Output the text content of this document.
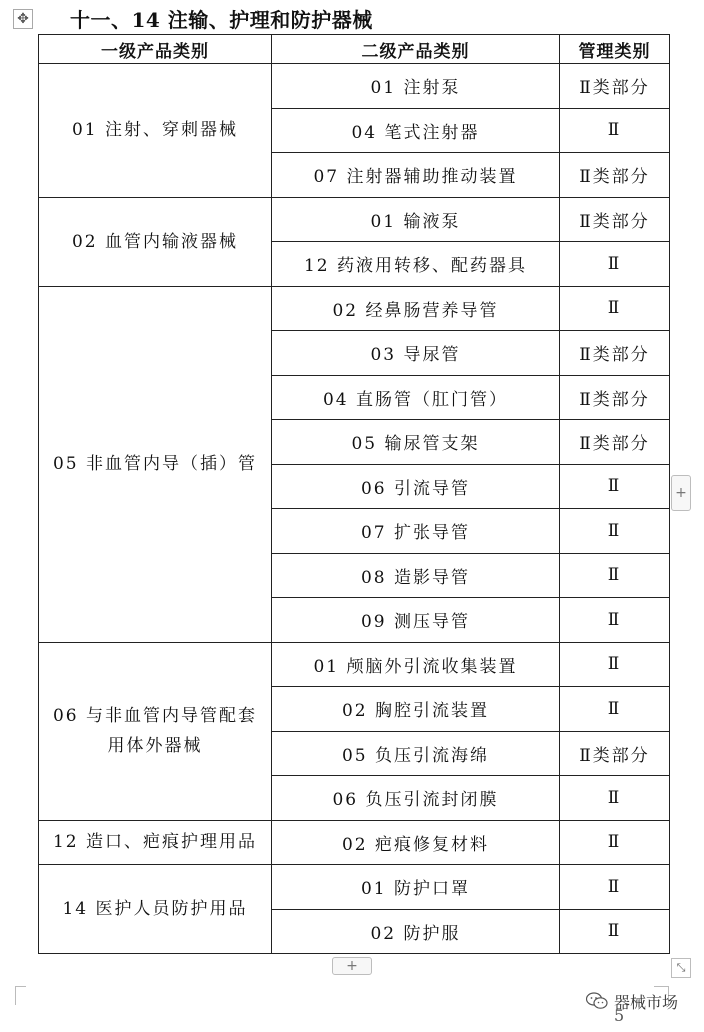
✥ 十一、14 注输、护理和防护器械
一级产品类别	二级产品类别	管理类别
01 注射、穿刺器械	01 注射泵	Ⅱ类部分
	04 笔式注射器	Ⅱ
	07 注射器辅助推动装置	Ⅱ类部分
02 血管内输液器械	01 输液泵	Ⅱ类部分
	12 药液用转移、配药器具	Ⅱ
05 非血管内导（插）管	02 经鼻肠营养导管	Ⅱ
	03 导尿管	Ⅱ类部分
	04 直肠管（肛门管）	Ⅱ类部分
	05 输尿管支架	Ⅱ类部分
	06 引流导管	Ⅱ
	07 扩张导管	Ⅱ
	08 造影导管	Ⅱ
	09 测压导管	Ⅱ
06 与非血管内导管配套用体外器械	01 颅脑外引流收集装置	Ⅱ
	02 胸腔引流装置	Ⅱ
	05 负压引流海绵	Ⅱ类部分
	06 负压引流封闭膜	Ⅱ
12 造口、疤痕护理用品	02 疤痕修复材料	Ⅱ
14 医护人员防护用品	01 防护口罩	Ⅱ
	02 防护服	Ⅱ
+
+	⤡
器械市场
5
